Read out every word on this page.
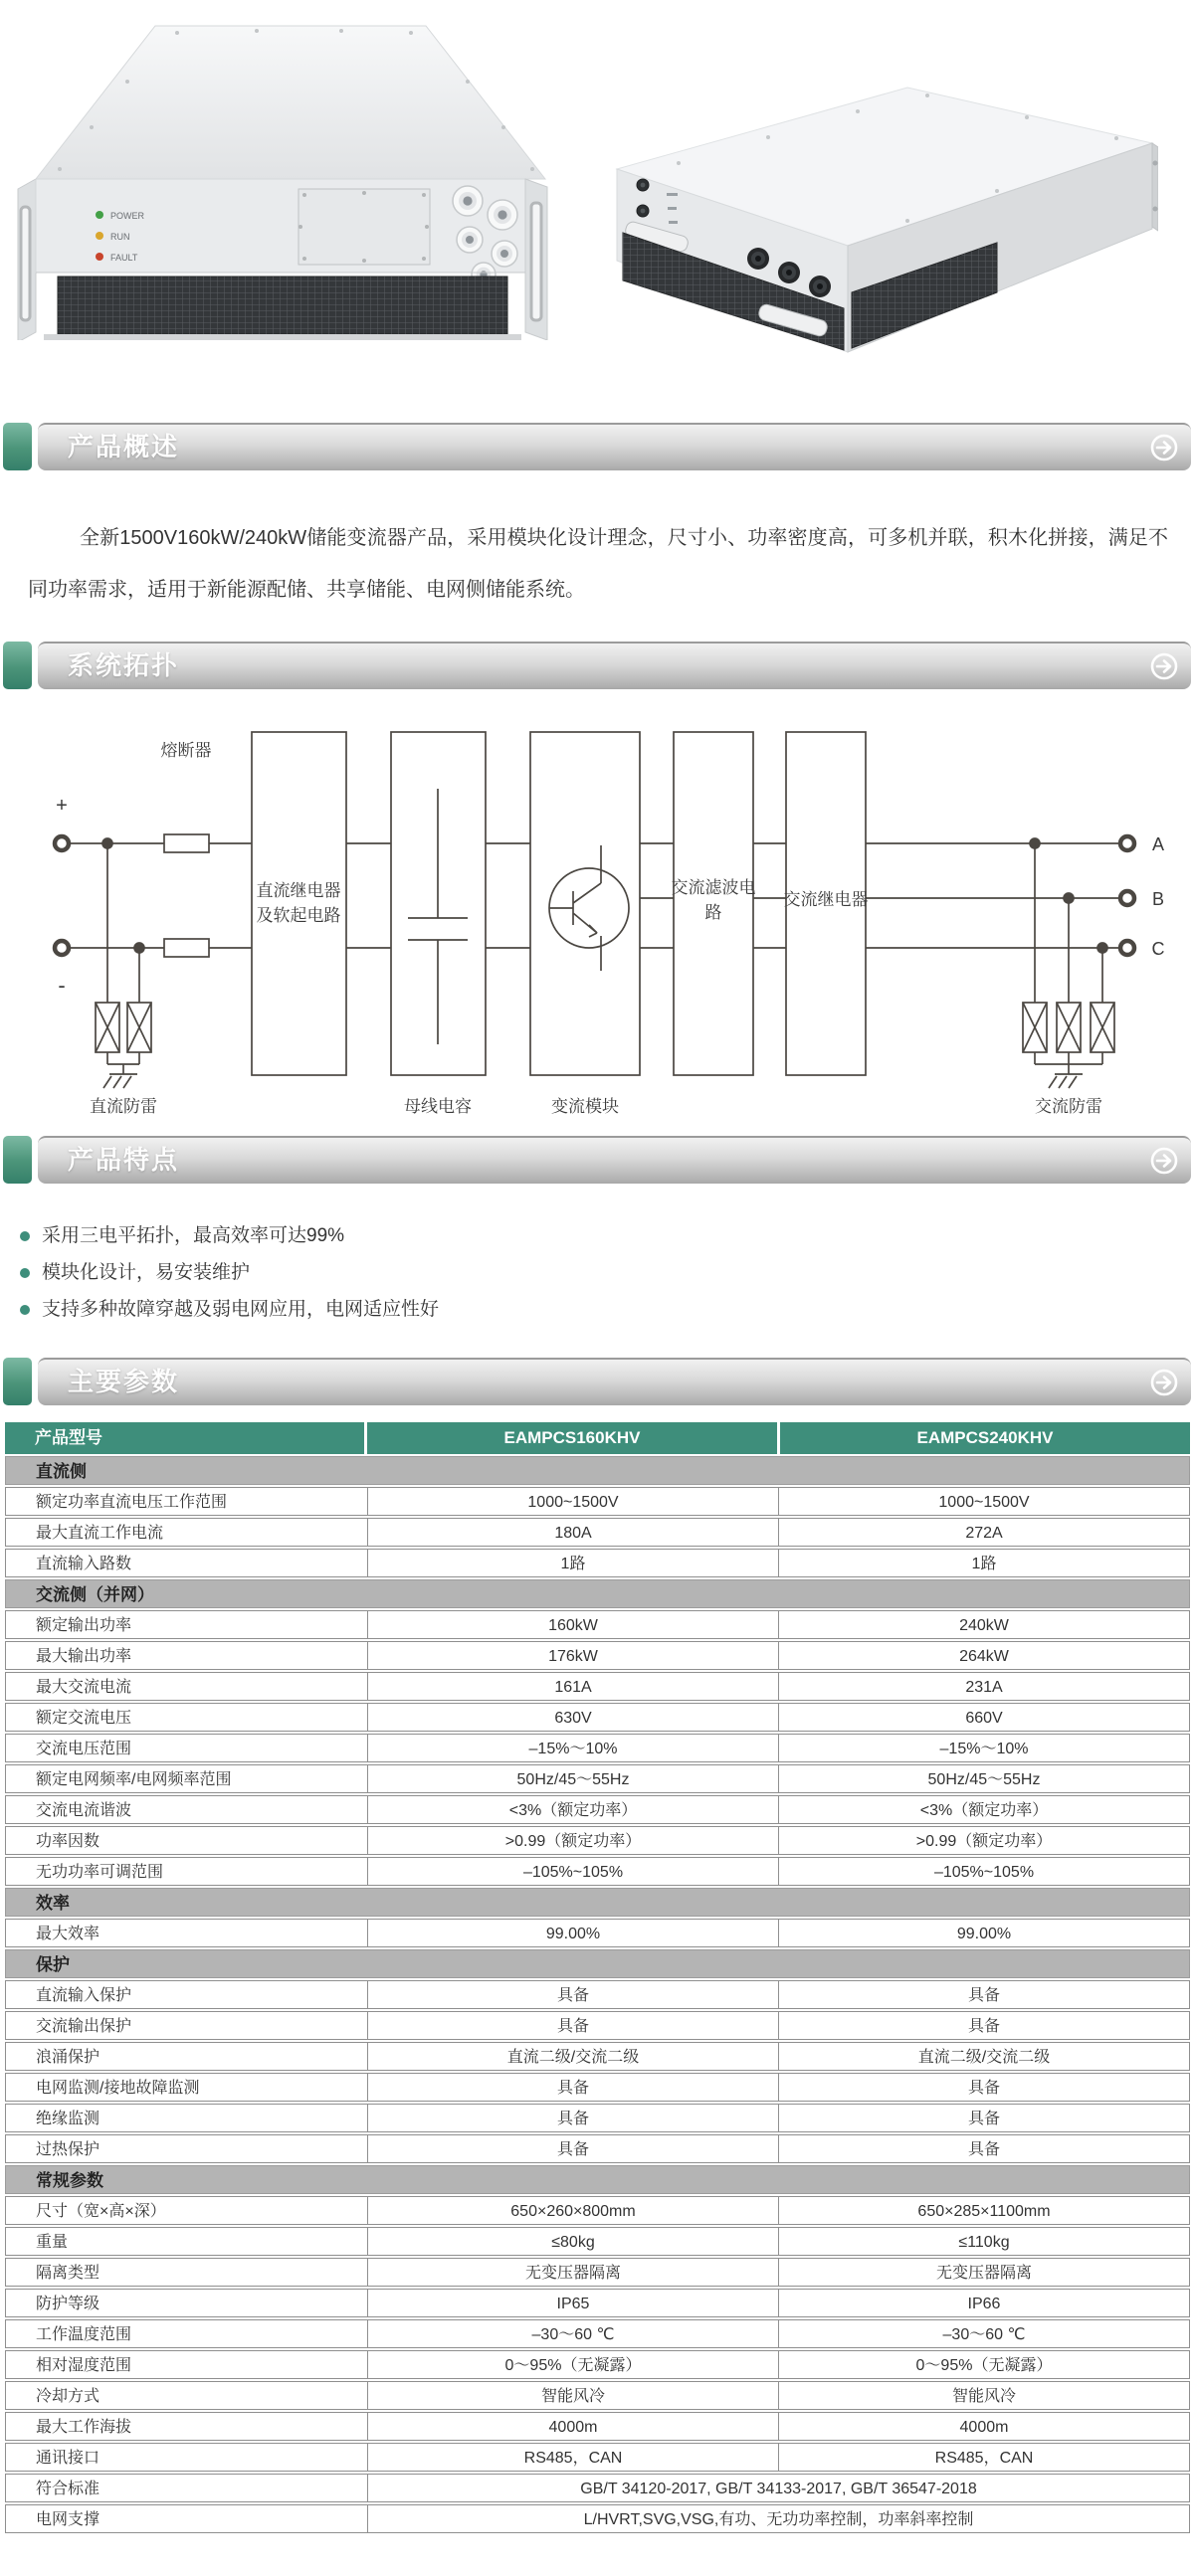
POWER
RUN
FAULT
产品概述

全新1500V160kW/240kW储能变流器产品，采用模块化设计理念，尺寸小、功率密度高，可多机并联，积木化拼接，满足不同功率需求，适用于新能源配储、共享储能、电网侧储能系统。

系统拓扑
+
-
熔断器
直流继电器
及软起电路
交流滤波电
路
交流继电器
A
B
C
直流防雷	母线电容	变流模块	交流防雷
产品特点
采用三电平拓扑，最高效率可达99%
模块化设计，易安装维护
支持多种故障穿越及弱电网应用，电网适应性好
主要参数
产品型号	EAMPCS160KHV	EAMPCS240KHV
直流侧
额定功率直流电压工作范围	1000~1500V	1000~1500V
最大直流工作电流	180A	272A
直流输入路数	1路	1路
交流侧（并网）
额定输出功率	160kW	240kW
最大输出功率	176kW	264kW
最大交流电流	161A	231A
额定交流电压	630V	660V
交流电压范围	–15%～10%	–15%～10%
额定电网频率/电网频率范围	50Hz/45～55Hz	50Hz/45～55Hz
交流电流谐波	<3%（额定功率）	<3%（额定功率）
功率因数	>0.99（额定功率）	>0.99（额定功率）
无功功率可调范围	–105%~105%	–105%~105%
效率
最大效率	99.00%	99.00%
保护
直流输入保护	具备	具备
交流输出保护	具备	具备
浪涌保护	直流二级/交流二级	直流二级/交流二级
电网监测/接地故障监测	具备	具备
绝缘监测	具备	具备
过热保护	具备	具备
常规参数
尺寸（宽×高×深）	650×260×800mm	650×285×1100mm
重量	≤80kg	≤110kg
隔离类型	无变压器隔离	无变压器隔离
防护等级	IP65	IP66
工作温度范围	–30～60 ℃	–30～60 ℃
相对湿度范围	0～95%（无凝露）	0～95%（无凝露）
冷却方式	智能风冷	智能风冷
最大工作海拔	4000m	4000m
通讯接口	RS485，CAN	RS485，CAN
符合标准	GB/T 34120-2017, GB/T 34133-2017, GB/T 36547-2018
电网支撑	L/HVRT,SVG,VSG,有功、无功功率控制，功率斜率控制
